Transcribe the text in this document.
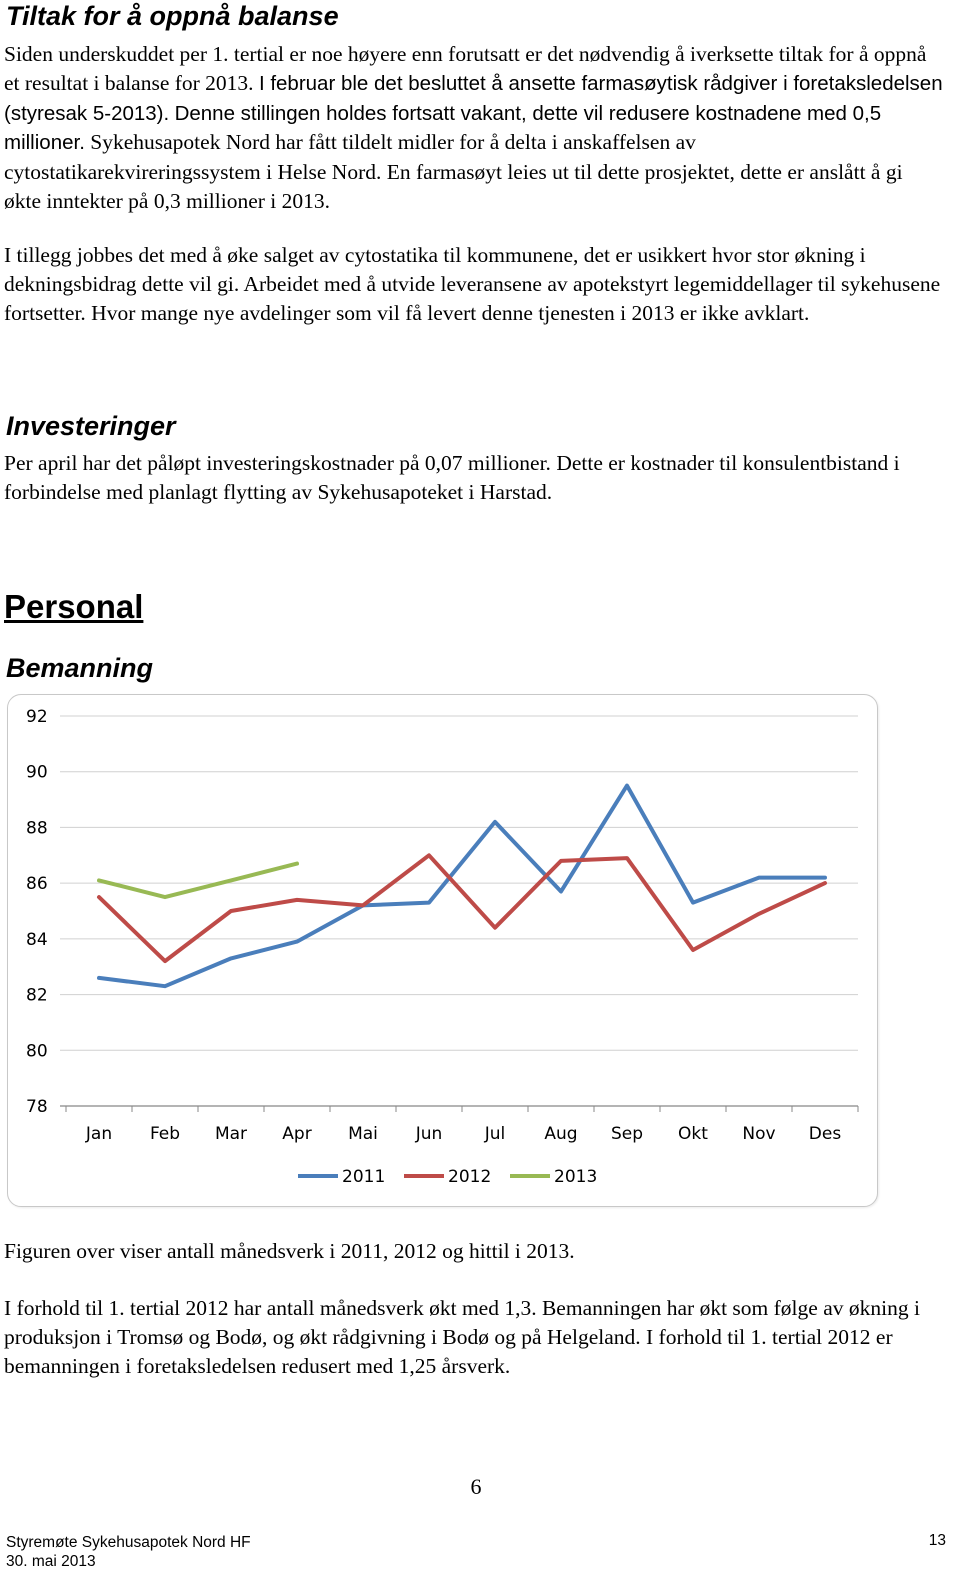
Tiltak for å oppnå balanse

Siden underskuddet per 1. tertial er noe høyere enn forutsatt er det nødvendig å iverksette tiltak for å oppnå et resultat i balanse for 2013. I februar ble det besluttet å ansette farmasøytisk rådgiver i foretaksledelsen (styresak 5-2013). Denne stillingen holdes fortsatt vakant, dette vil redusere kostnadene med 0,5 millioner. Sykehusapotek Nord har fått tildelt midler for å delta i anskaffelsen av cytostatikarekvireringssystem i Helse Nord. En farmasøyt leies ut til dette prosjektet, dette er anslått å gi økte inntekter på 0,3 millioner i 2013.

I tillegg jobbes det med å øke salget av cytostatika til kommunene, det er usikkert hvor stor økning i dekningsbidrag dette vil gi. Arbeidet med å utvide leveransene av apotekstyrt legemiddellager til sykehusene fortsetter. Hvor mange nye avdelinger som vil få levert denne tjenesten i 2013 er ikke avklart.

Investeringer

Per april har det påløpt investeringskostnader på 0,07 millioner. Dette er kostnader til konsulentbistand i forbindelse med planlagt flytting av Sykehusapoteket i Harstad.

Personal
Bemanning
78
80
82
84
86
88
90
92
Jan Feb Mar Apr Mai Jun Jul Aug Sep Okt Nov Des
2011	2012	2013

Figuren over viser antall månedsverk i 2011, 2012 og hittil i 2013.

I forhold til 1. tertial 2012 har antall månedsverk økt med 1,3. Bemanningen har økt som følge av økning i produksjon i Tromsø og Bodø, og økt rådgivning i Bodø og på Helgeland. I forhold til 1. tertial 2012 er bemanningen i foretaksledelsen redusert med 1,25 årsverk.

6
Styremøte Sykehusapotek Nord HF
30. mai 2013
13
